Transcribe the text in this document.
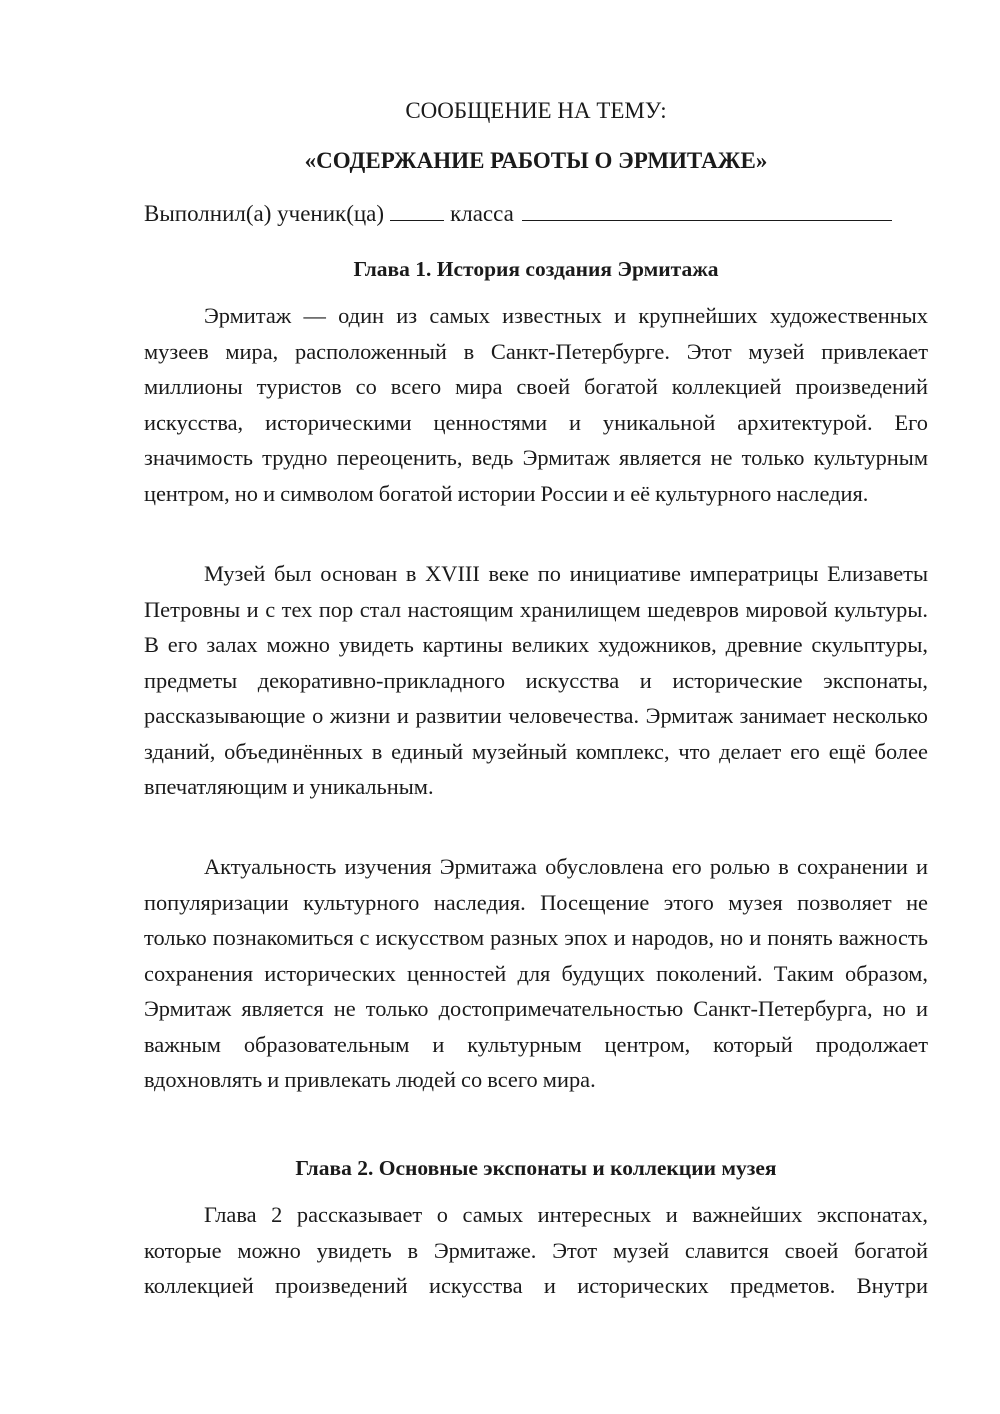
СООБЩЕНИЕ НА ТЕМУ:
«СОДЕРЖАНИЕ РАБОТЫ О ЭРМИТАЖЕ»
Выполнил(а) ученик(ца)	класса
Глава 1. История создания Эрмитажа

Эрмитаж — один из самых известных и крупнейших художественных музеев мира, расположенный в Санкт-Петербурге. Этот музей привлекает миллионы туристов со всего мира своей богатой коллекцией произведений искусства, историческими ценностями и уникальной архитектурой. Его значимость трудно переоценить, ведь Эрмитаж является не только культурным центром, но и символом богатой истории России и её культурного наследия.

Музей был основан в XVIII веке по инициативе императрицы Елизаветы Петровны и с тех пор стал настоящим хранилищем шедевров мировой культуры. В его залах можно увидеть картины великих художников, древние скульптуры, предметы декоративно-прикладного искусства и исторические экспонаты, рассказывающие о жизни и развитии человечества. Эрмитаж занимает несколько зданий, объединённых в единый музейный комплекс, что делает его ещё более впечатляющим и уникальным.

Актуальность изучения Эрмитажа обусловлена его ролью в сохранении и популяризации культурного наследия. Посещение этого музея позволяет не только познакомиться с искусством разных эпох и народов, но и понять важность сохранения исторических ценностей для будущих поколений. Таким образом, Эрмитаж является не только достопримечательностью Санкт-Петербурга, но и важным образовательным и культурным центром, который продолжает вдохновлять и привлекать людей со всего мира.

Глава 2. Основные экспонаты и коллекции музея

Глава 2 рассказывает о самых интересных и важнейших экспонатах, которые можно увидеть в Эрмитаже. Этот музей славится своей богатой коллекцией произведений искусства и исторических предметов. Внутри
